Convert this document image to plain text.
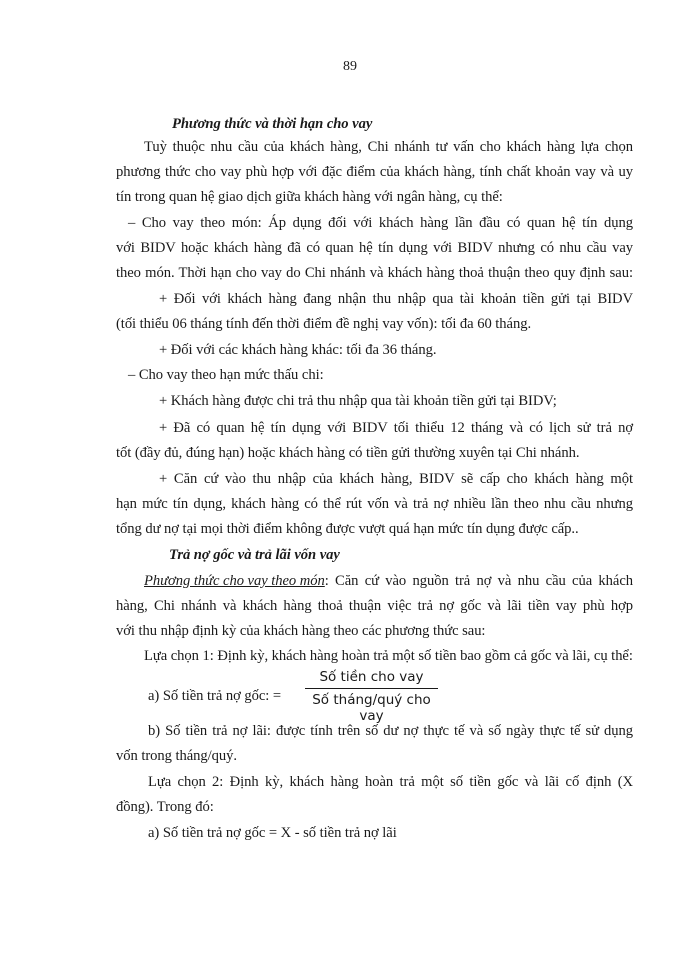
89
Phương thức và thời hạn cho vay
Tuỳ thuộc nhu cầu của khách hàng, Chi nhánh tư vấn cho khách hàng lựa chọn
phương thức cho vay phù hợp với đặc điểm của khách hàng, tính chất khoản vay và uy
tín trong quan hệ giao dịch giữa khách hàng với ngân hàng, cụ thể:
– Cho vay theo món: Áp dụng đối với khách hàng lần đầu có quan hệ tín dụng
với BIDV hoặc khách hàng đã có quan hệ tín dụng với BIDV nhưng có nhu cầu vay
theo món. Thời hạn cho vay do Chi nhánh và khách hàng thoả thuận theo quy định sau:
+ Đối với khách hàng đang nhận thu nhập qua tài khoản tiền gửi tại BIDV
(tối thiểu 06 tháng tính đến thời điểm đề nghị vay vốn): tối đa 60 tháng.
+ Đối với các khách hàng khác: tối đa 36 tháng.
– Cho vay theo hạn mức thấu chi:
+ Khách hàng được chi trả thu nhập qua tài khoản tiền gửi tại BIDV;
+ Đã có quan hệ tín dụng với BIDV tối thiểu 12 tháng và có lịch sử trả nợ
tốt (đầy đủ, đúng hạn) hoặc khách hàng có tiền gửi thường xuyên tại Chi nhánh.
+ Căn cứ vào thu nhập của khách hàng, BIDV sẽ cấp cho khách hàng một
hạn mức tín dụng, khách hàng có thể rút vốn và trả nợ nhiều lần theo nhu cầu nhưng
tổng dư nợ tại mọi thời điểm không được vượt quá hạn mức tín dụng được cấp..
Trả nợ gốc và trả lãi vốn vay
Phương thức cho vay theo món : Căn cứ vào nguồn trả nợ và nhu cầu của khách
hàng, Chi nhánh và khách hàng thoả thuận việc trả nợ gốc và lãi tiền vay phù hợp
với thu nhập định kỳ của khách hàng theo các phương thức sau:
Lựa chọn 1: Định kỳ, khách hàng hoàn trả một số tiền bao gồm cả gốc và lãi, cụ thể:
a) Số tiền trả nợ gốc: =
Số tiền cho vay
Số tháng/quý cho vay
b) Số tiền trả nợ lãi: được tính trên số dư nợ thực tế và số ngày thực tế sử dụng
vốn trong tháng/quý.
Lựa chọn 2: Định kỳ, khách hàng hoàn trả một số tiền gốc và lãi cố định (X
đồng). Trong đó:
a) Số tiền trả nợ gốc = X - số tiền trả nợ lãi
